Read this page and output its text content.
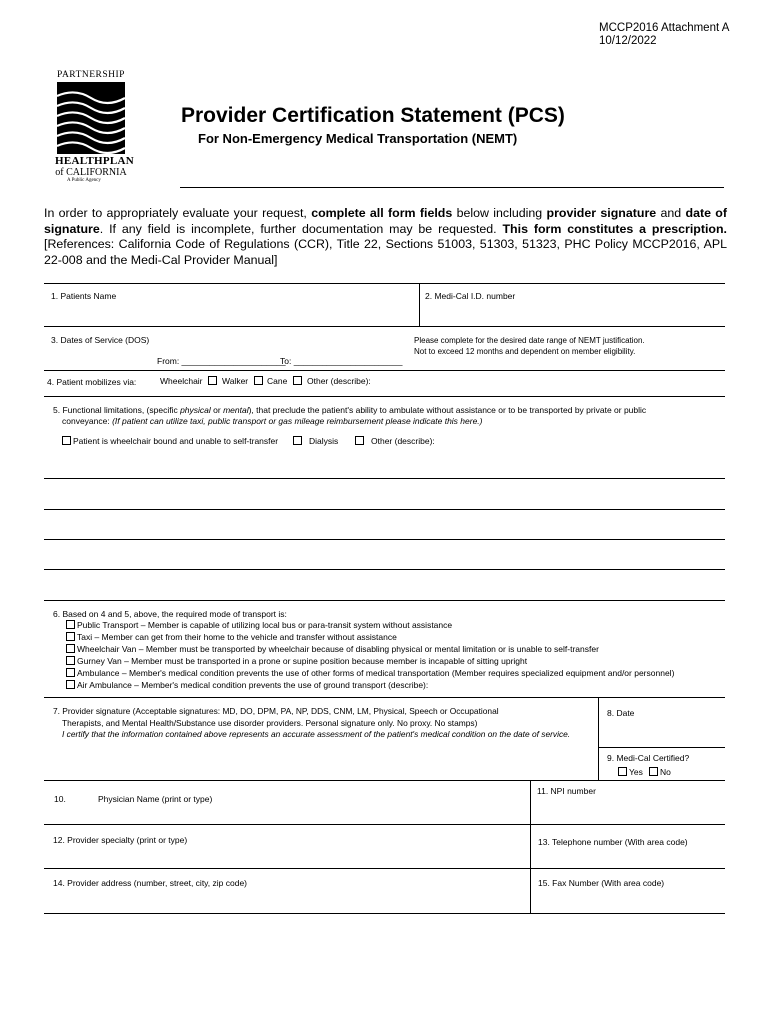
MCCP2016 Attachment A
10/12/2022
PARTNERSHIP
HEALTHPLAN
of CALIFORNIA
A Public Agency
Provider Certification Statement (PCS)
For Non-Emergency Medical Transportation (NEMT)

In order to appropriately evaluate your request, complete all form fields below including provider signature and date of signature. If any field is incomplete, further documentation may be requested. This form constitutes a prescription. [References: California Code of Regulations (CCR), Title 22, Sections 51003, 51303, 51323, PHC Policy MCCP2016, APL 22-008 and the Medi-Cal Provider Manual]

1. Patients Name	2. Medi-Cal I.D. number
3. Dates of Service (DOS)	Please complete for the desired date range of NEMT justification.
Not to exceed 12 months and dependent on member eligibility.
From: ______________________
To: _______________________
4. Patient mobilizes via:	Wheelchair	Walker	Cane	Other (describe):
5. Functional limitations, (specific physical or mental), that preclude the patient's ability to ambulate without assistance or to be transported by private or public
conveyance: (If patient can utilize taxi, public transport or gas mileage reimbursement please indicate this here.)
Patient is wheelchair bound and unable to self-transfer	Dialysis	Other (describe):
6. Based on 4 and 5, above, the required mode of transport is:
Public Transport – Member is capable of utilizing local bus or para-transit system without assistance
Taxi – Member can get from their home to the vehicle and transfer without assistance
Wheelchair Van – Member must be transported by wheelchair because of disabling physical or mental limitation or is unable to self-transfer
Gurney Van – Member must be transported in a prone or supine position because member is incapable of sitting upright
Ambulance – Member's medical condition prevents the use of other forms of medical transportation (Member requires specialized equipment and/or personnel)
Air Ambulance – Member's medical condition prevents the use of ground transport (describe):
7. Provider signature (Acceptable signatures: MD, DO, DPM, PA, NP, DDS, CNM, LM, Physical, Speech or Occupational
Therapists, and Mental Health/Substance use disorder providers. Personal signature only. No proxy. No stamps)
I certify that the information contained above represents an accurate assessment of the patient's medical condition on the date of service.
8. Date
9. Medi-Cal Certified?
Yes	No
10.	Physician Name (print or type)
11. NPI number
12. Provider specialty (print or type)	13. Telephone number (With area code)
14. Provider address (number, street, city, zip code)	15. Fax Number (With area code)
